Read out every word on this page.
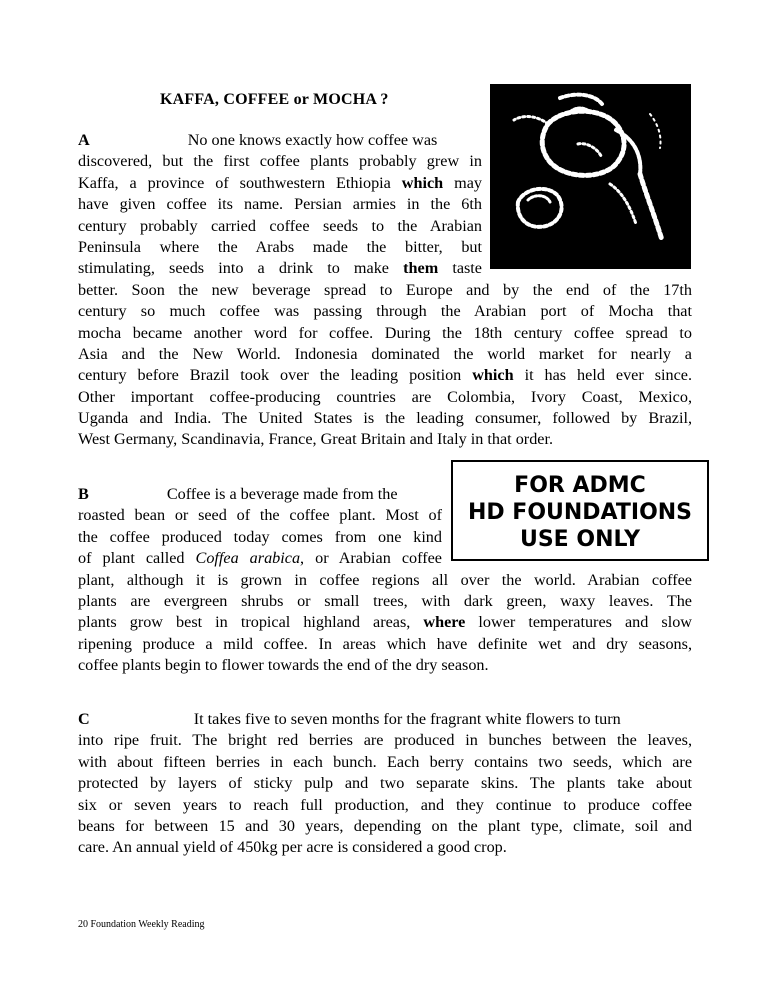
KAFFA, COFFEE or MOCHA ?

A	No one knows exactly how coffee was
discovered, but the first coffee plants probably grew in
Kaffa, a province of southwestern Ethiopia which may
have given coffee its name. Persian armies in the 6th
century probably carried coffee seeds to the Arabian
Peninsula where the Arabs made the bitter, but
stimulating, seeds into a drink to make them taste
better. Soon the new beverage spread to Europe and by the end of the 17th
century so much coffee was passing through the Arabian port of Mocha that
mocha became another word for coffee. During the 18th century coffee spread to
Asia and the New World. Indonesia dominated the world market for nearly a
century before Brazil took over the leading position which it has held ever since.
Other important coffee-producing countries are Colombia, Ivory Coast, Mexico,
Uganda and India. The United States is the leading consumer, followed by Brazil,
West Germany, Scandinavia, France, Great Britain and Italy in that order.

FOR ADMC
HD FOUNDATIONS
USE ONLY

B	Coffee is a beverage made from the
roasted bean or seed of the coffee plant. Most of
the coffee produced today comes from one kind
of plant called Coffea arabica, or Arabian coffee
plant, although it is grown in coffee regions all over the world. Arabian coffee
plants are evergreen shrubs or small trees, with dark green, waxy leaves. The
plants grow best in tropical highland areas, where lower temperatures and slow
ripening produce a mild coffee. In areas which have definite wet and dry seasons,
coffee plants begin to flower towards the end of the dry season.

C	It takes five to seven months for the fragrant white flowers to turn
into ripe fruit. The bright red berries are produced in bunches between the leaves,
with about fifteen berries in each bunch. Each berry contains two seeds, which are
protected by layers of sticky pulp and two separate skins. The plants take about
six or seven years to reach full production, and they continue to produce coffee
beans for between 15 and 30 years, depending on the plant type, climate, soil and
care. An annual yield of 450kg per acre is considered a good crop.

20 Foundation Weekly Reading
